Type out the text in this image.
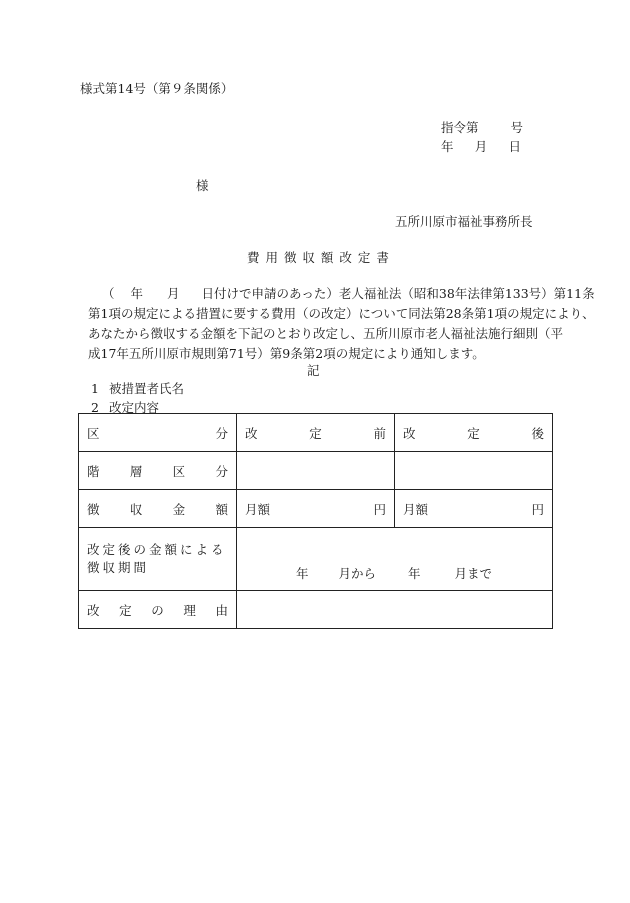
様式第14号（第９条関係）
指令第	号
年 月 日
様
五所川原市福祉事務所長
費 用 徴 収 額 改 定 書

（ 年 月 日付けで申請のあった）老人福祉法（昭和38年法律第133号）第11条

第1項の規定による措置に要する費用（の改定）について同法第28条第1項の規定により、

あなたから徴収する金額を下記のとおり改定し、五所川原市老人福祉法施行細則（平

成17年五所川原市規則第71号）第9条第2項の規定により通知します。

記
1 被措置者氏名
2 改定内容
区 分	改 定 前	改 定 後

階 層 区 分		

徴 収 金 額	月額 円	月額 円

改定後の金額による徴収期間	年 月から 年 月まで	

改 定 の 理 由		
